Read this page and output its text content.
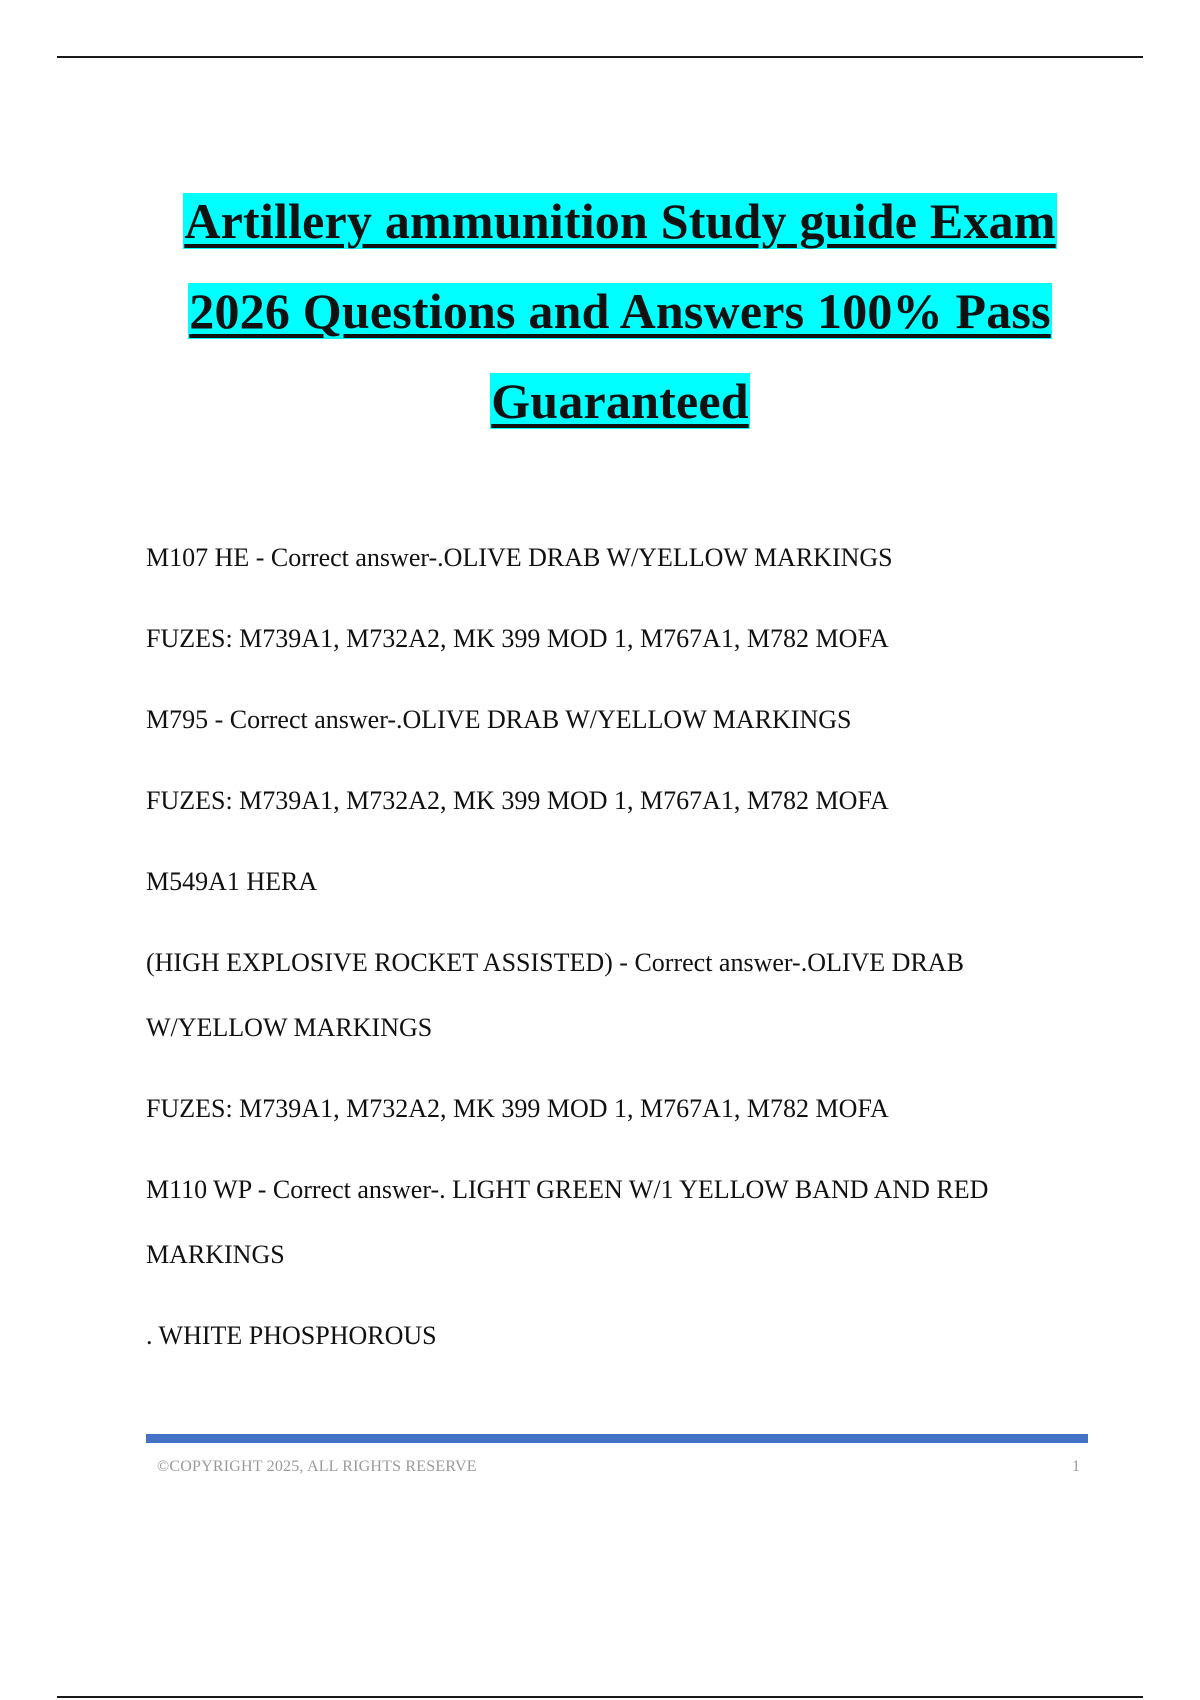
Artillery ammunition Study guide Exam
2026 Questions and Answers 100% Pass
Guaranteed

M107 HE - Correct answer-.OLIVE DRAB W/YELLOW MARKINGS

FUZES: M739A1, M732A2, MK 399 MOD 1, M767A1, M782 MOFA

M795 - Correct answer-.OLIVE DRAB W/YELLOW MARKINGS

FUZES: M739A1, M732A2, MK 399 MOD 1, M767A1, M782 MOFA

M549A1 HERA

(HIGH EXPLOSIVE ROCKET ASSISTED) - Correct answer-.OLIVE DRAB

W/YELLOW MARKINGS

FUZES: M739A1, M732A2, MK 399 MOD 1, M767A1, M782 MOFA

M110 WP - Correct answer-. LIGHT GREEN W/1 YELLOW BAND AND RED

MARKINGS

. WHITE PHOSPHOROUS

©COPYRIGHT 2025, ALL RIGHTS RESERVE	1
